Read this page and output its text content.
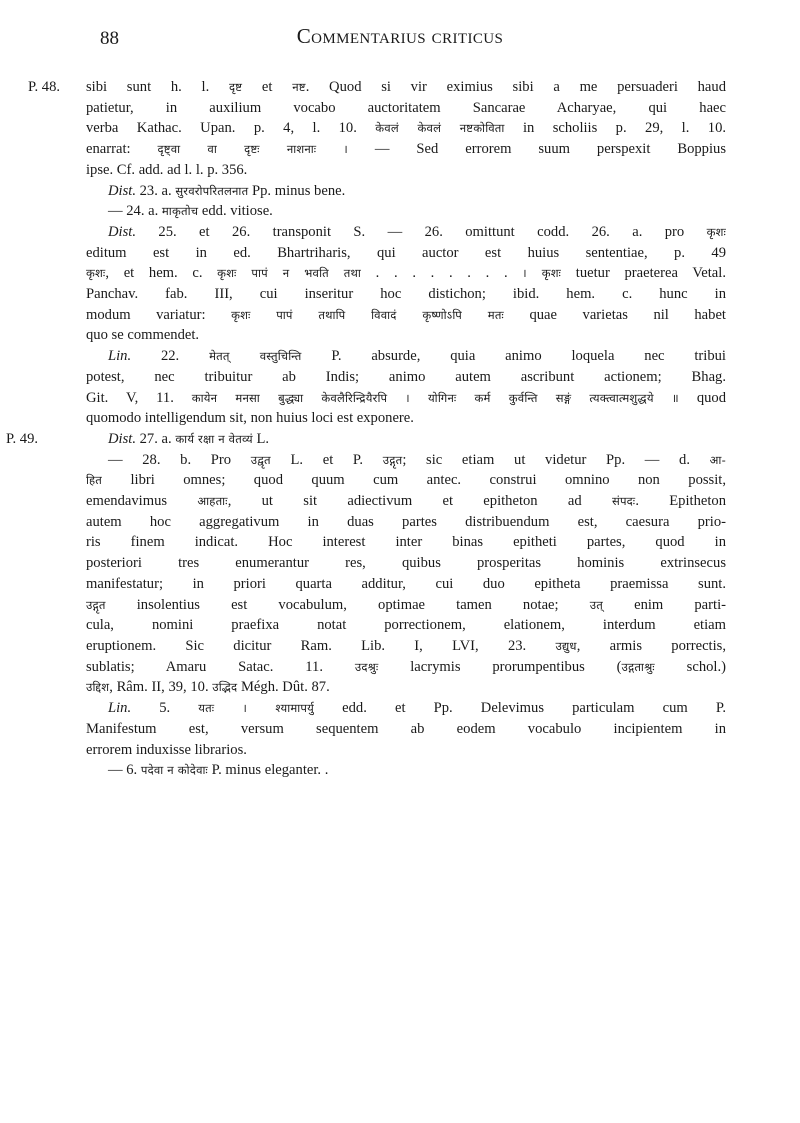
88	Commentarius criticus
P. 48. sibi sunt h. l. दृष्ट et नष्ट. Quod si vir eximius sibi a me persuaderi haud
patietur, in auxilium vocabo auctoritatem Sancarae Acharyae, qui haec
verba Kathac. Upan. p. 4, l. 10. केवलं केवलं नष्टकोविता in scholiis p. 29, l. 10.
enarrat: दृष्ट्वा वा दृष्टः नाशनाः । — Sed errorem suum perspexit Boppius
ipse. Cf. add. ad l. l. p. 356.
Dist. 23. a. सुरवरोपरितलनात Pp. minus bene.
— 24. a. माकृतोच edd. vitiose.
Dist. 25. et 26. transponit S. — 26. omittunt codd. 26. a. pro कृशः
editum est in ed. Bhartriharis, qui auctor est huius sententiae, p. 49
कृशः, et hem. c. कृशः पापं न भवति तथा . . . . . . . . । कृशः tuetur praeterea Vetal.
Panchav. fab. III, cui inseritur hoc distichon; ibid. hem. c. hunc in
modum variatur: कृशः पापं तथापि विवादं कृष्णोऽपि मतः quae varietas nil habet
quo se commendet.
Lin. 22. मेतत् वस्तुचिन्ति P. absurde, quia animo loquela nec tribui
potest, nec tribuitur ab Indis; animo autem ascribunt actionem; Bhag.
Git. V, 11. कायेन मनसा बुद्ध्या केवलैरिन्द्रियैरपि । योगिनः कर्म कुर्वन्ति सङ्गं त्यक्त्वात्मशुद्धये ॥ quod
quomodo intelligendum sit, non huius loci est exponere.
P. 49.	Dist. 27. a. कार्य रक्षा न वेतव्यं L.
— 28. b. Pro उद्वृत L. et P. उद्गृत; sic etiam ut videtur Pp. — d. आ-
हित libri omnes; quod quum cum antec. construi omnino non possit,
emendavimus आहताः, ut sit adiectivum et epitheton ad संपदः. Epitheton
autem hoc aggregativum in duas partes distribuendum est, caesura prio-
ris finem indicat. Hoc interest inter binas epitheti partes, quod in
posteriori tres enumerantur res, quibus prosperitas hominis extrinsecus
manifestatur; in priori quarta additur, cui duo epitheta praemissa sunt.
उद्गृत insolentius est vocabulum, optimae tamen notae; उत् enim parti-
cula, nomini praefixa notat porrectionem, elationem, interdum etiam
eruptionem. Sic dicitur Ram. Lib. I, LVI, 23. उद्युध, armis porrectis,
sublatis; Amaru Satac. 11. उदश्रुः lacrymis prorumpentibus (उद्गताश्रुः schol.)
उद्दिश, Râm. II, 39, 10. उद्भिद Mégh. Dût. 87.
Lin. 5. यतः । श्यामापर्यु edd. et Pp. Delevimus particulam cum P.
Manifestum est, versum sequentem ab eodem vocabulo incipientem in
errorem induxisse librarios.
— 6. पदेवा न कोदेवाः P. minus eleganter. .
